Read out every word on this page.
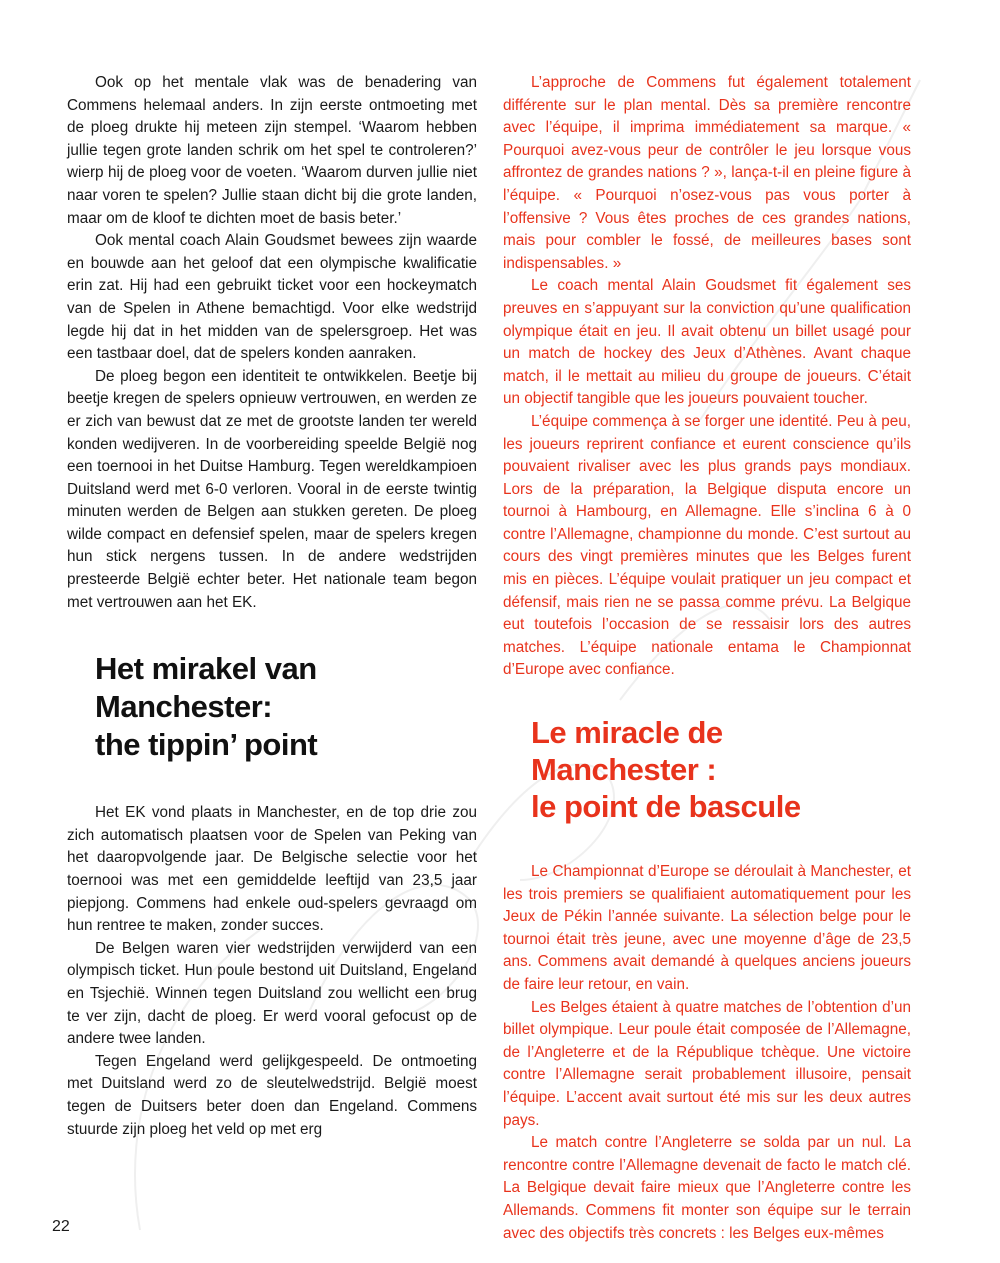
Ook op het mentale vlak was de benadering van Commens helemaal anders. In zijn eerste ontmoeting met de ploeg drukte hij meteen zijn stempel. ‘Waarom hebben jullie tegen grote landen schrik om het spel te controleren?’ wierp hij de ploeg voor de voeten. ‘Waarom durven jullie niet naar voren te spelen? Jullie staan dicht bij die grote landen, maar om de kloof te dichten moet de basis beter.’

Ook mental coach Alain Goudsmet bewees zijn waarde en bouwde aan het geloof dat een olympische kwalificatie erin zat. Hij had een gebruikt ticket voor een hockeymatch van de Spelen in Athene bemachtigd. Voor elke wedstrijd legde hij dat in het midden van de spelersgroep. Het was een tastbaar doel, dat de spelers konden aanraken.

De ploeg begon een identiteit te ontwikkelen. Beetje bij beetje kregen de spelers opnieuw vertrouwen, en werden ze er zich van bewust dat ze met de grootste landen ter wereld konden wedijveren. In de voorbereiding speelde België nog een toernooi in het Duitse Hamburg. Tegen wereldkampioen Duitsland werd met 6-0 verloren. Vooral in de eerste twintig minuten werden de Belgen aan stukken gereten. De ploeg wilde compact en defensief spelen, maar de spelers kregen hun stick nergens tussen. In de andere wedstrijden presteerde België echter beter. Het nationale team begon met vertrouwen aan het EK.

Het mirakel van
Manchester:
the tippin’ point

Het EK vond plaats in Manchester, en de top drie zou zich automatisch plaatsen voor de Spelen van Peking van het daaropvolgende jaar. De Belgische selectie voor het toernooi was met een gemiddelde leeftijd van 23,5 jaar piepjong. Commens had enkele oud-spelers gevraagd om hun rentree te maken, zonder succes.

De Belgen waren vier wedstrijden verwijderd van een olympisch ticket. Hun poule bestond uit Duitsland, Engeland en Tsjechië. Winnen tegen Duitsland zou wellicht een brug te ver zijn, dacht de ploeg. Er werd vooral gefocust op de andere twee landen.

Tegen Engeland werd gelijkgespeeld. De ontmoeting met Duitsland werd zo de sleutelwedstrijd. België moest tegen de Duitsers beter doen dan Engeland. Commens stuurde zijn ploeg het veld op met erg

L’approche de Commens fut également totalement différente sur le plan mental. Dès sa première rencontre avec l’équipe, il imprima immédiatement sa marque. « Pourquoi avez-vous peur de contrôler le jeu lorsque vous affrontez de grandes nations ? », lança-t-il en pleine figure à l’équipe. « Pourquoi n’osez-vous pas vous porter à l’offensive ? Vous êtes proches de ces grandes nations, mais pour combler le fossé, de meilleures bases sont indispensables. »

Le coach mental Alain Goudsmet fit également ses preuves en s’appuyant sur la conviction qu’une qualification olympique était en jeu. Il avait obtenu un billet usagé pour un match de hockey des Jeux d’Athènes. Avant chaque match, il le mettait au milieu du groupe de joueurs. C’était un objectif tangible que les joueurs pouvaient toucher.

L’équipe commença à se forger une identité. Peu à peu, les joueurs reprirent confiance et eurent conscience qu’ils pouvaient rivaliser avec les plus grands pays mondiaux. Lors de la préparation, la Belgique disputa encore un tournoi à Hambourg, en Allemagne. Elle s’inclina 6 à 0 contre l’Allemagne, championne du monde. C’est surtout au cours des vingt premières minutes que les Belges furent mis en pièces. L’équipe voulait pratiquer un jeu compact et défensif, mais rien ne se passa comme prévu. La Belgique eut toutefois l’occasion de se ressaisir lors des autres matches. L’équipe nationale entama le Championnat d’Europe avec confiance.

Le miracle de
Manchester :
le point de bascule

Le Championnat d’Europe se déroulait à Manchester, et les trois premiers se qualifiaient automatiquement pour les Jeux de Pékin l’année suivante. La sélection belge pour le tournoi était très jeune, avec une moyenne d’âge de 23,5 ans. Commens avait demandé à quelques anciens joueurs de faire leur retour, en vain.

Les Belges étaient à quatre matches de l’obtention d’un billet olympique. Leur poule était composée de l’Allemagne, de l’Angleterre et de la République tchèque. Une victoire contre l’Allemagne serait probablement illusoire, pensait l’équipe. L’accent avait surtout été mis sur les deux autres pays.

Le match contre l’Angleterre se solda par un nul. La rencontre contre l’Allemagne devenait de facto le match clé. La Belgique devait faire mieux que l’Angleterre contre les Allemands. Commens fit monter son équipe sur le terrain avec des objectifs très concrets : les Belges eux-mêmes

22
